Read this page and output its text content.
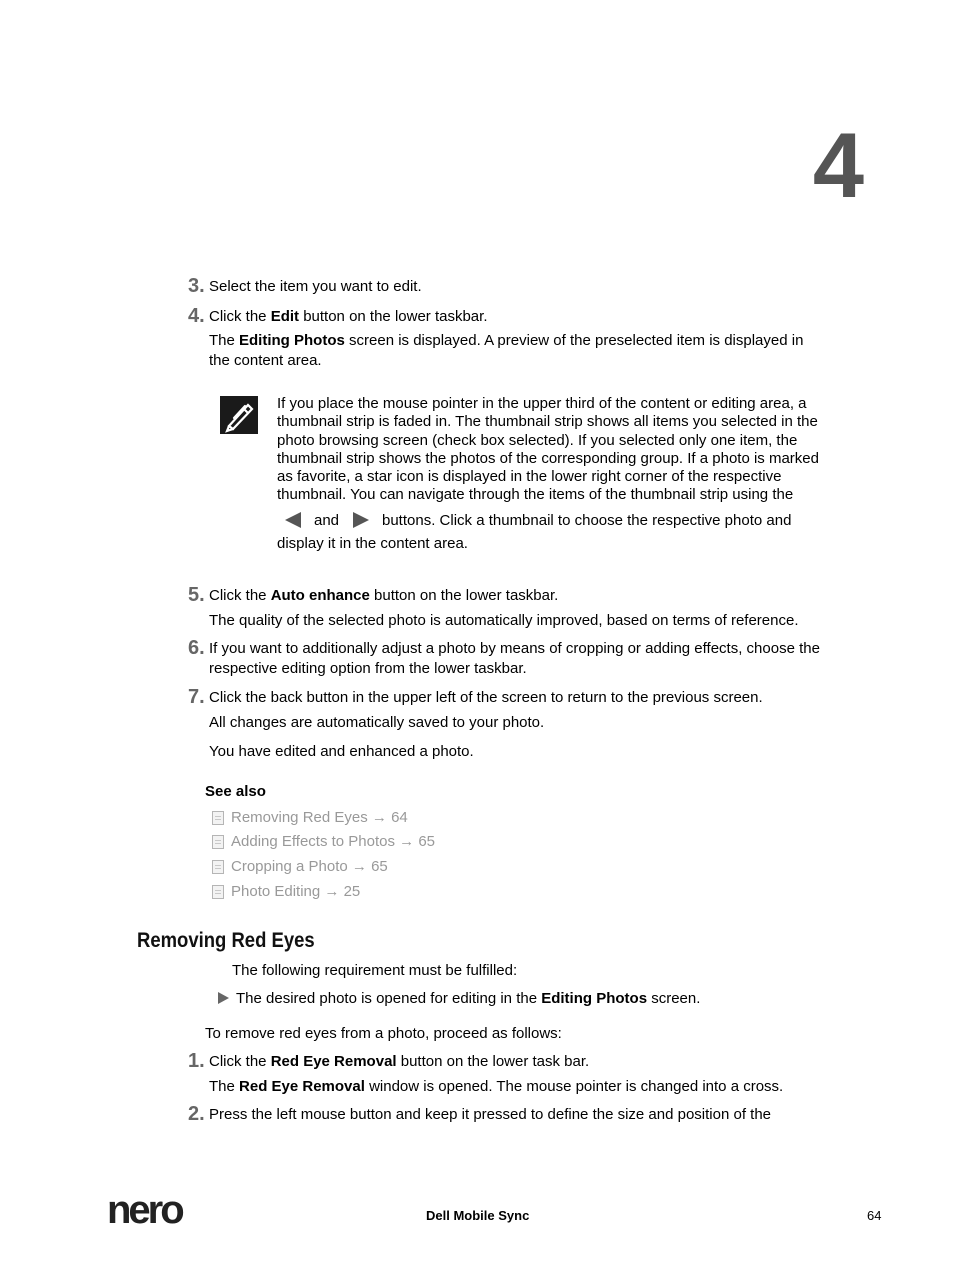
4
3. Select the item you want to edit.
4. Click the Edit button on the lower taskbar.
The Editing Photos screen is displayed. A preview of the preselected item is displayed in
the content area.
If you place the mouse pointer in the upper third of the content or editing area, a
thumbnail strip is faded in. The thumbnail strip shows all items you selected in the
photo browsing screen (check box selected). If you selected only one item, the
thumbnail strip shows the photos of the corresponding group. If a photo is marked
as favorite, a star icon is displayed in the lower right corner of the respective
thumbnail. You can navigate through the items of the thumbnail strip using the
and	buttons. Click a thumbnail to choose the respective photo and
display it in the content area.
5. Click the Auto enhance button on the lower taskbar.
The quality of the selected photo is automatically improved, based on terms of reference.
6. If you want to additionally adjust a photo by means of cropping or adding effects, choose the
respective editing option from the lower taskbar.
7. Click the back button in the upper left of the screen to return to the previous screen.
All changes are automatically saved to your photo.
You have edited and enhanced a photo.
See also
Removing Red Eyes → 64
Adding Effects to Photos → 65
Cropping a Photo → 65
Photo Editing → 25
Removing Red Eyes
The following requirement must be fulfilled:
The desired photo is opened for editing in the Editing Photos screen.
To remove red eyes from a photo, proceed as follows:
1. Click the Red Eye Removal button on the lower task bar.
The Red Eye Removal window is opened. The mouse pointer is changed into a cross.
2. Press the left mouse button and keep it pressed to define the size and position of the
nero	Dell Mobile Sync	64
